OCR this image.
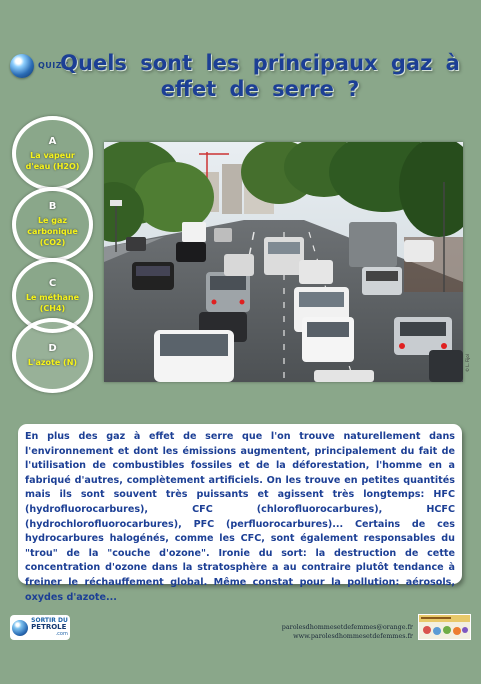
QUIZZ
Quels sont les principaux gaz à effet de serre ?
A
La vapeur d'eau (H2O)
B
Le gaz carbonique (CO2)
C
Le méthane (CH4)
D
L'azote (N)	© L. Fijol
En plus des gaz à effet de serre que l'on trouve naturellement dans l'environnement et dont les émissions augmentent, principalement du fait de l'utilisation de combustibles fossiles et de la déforestation, l'homme en a fabriqué d'autres, complètement artificiels. On les trouve en petites quantités mais ils sont souvent très puissants et agissent très longtemps: HFC (hydrofluorocarbures), CFC (chlorofluorocarbures), HCFC (hydrochlorofluorocarbures), PFC (perfluorocarbures)... Certains de ces hydrocarbures halogénés, comme les CFC, sont également responsables du "trou" de la "couche d'ozone". Ironie du sort: la destruction de cette concentration d'ozone dans la stratosphère a au contraire plutôt tendance à freiner le réchauffement global. Même constat pour la pollution: aérosols, oxydes d'azote...
SORTIR DU
PETROLE
.com
parolesdhommesetdefemmes@orange.fr
www.parolesdhommesetdefemmes.fr
